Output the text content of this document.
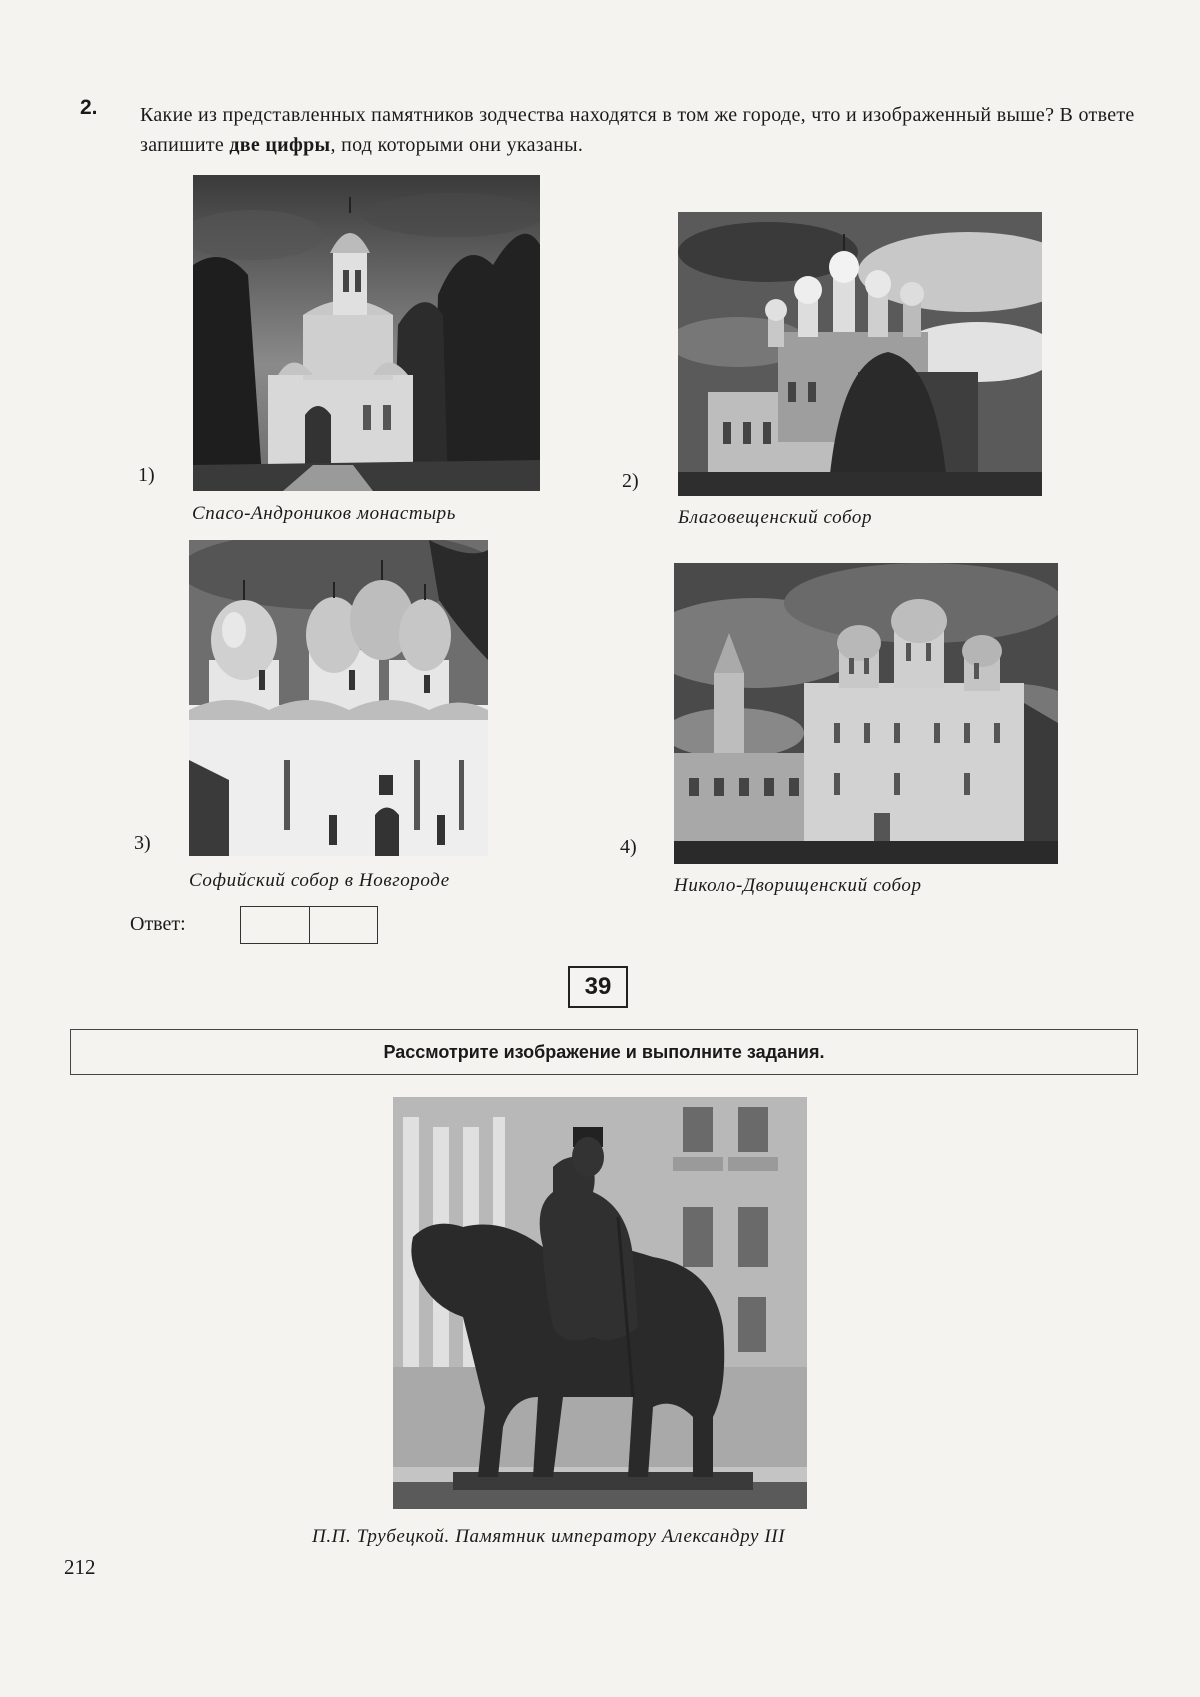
2. Какие из представленных памятников зодчества находятся в том же городе, что и изображенный выше? В ответе запишите две цифры, под которыми они указаны.
1)
Спасо-Андроников монастырь
2)
Благовещенский собор
3)
Софийский собор в Новгороде
4)
Николо-Дворищенский собор
Ответ:
39
Рассмотрите изображение и выполните задания.
П.П. Трубецкой. Памятник императору Александру III
212
